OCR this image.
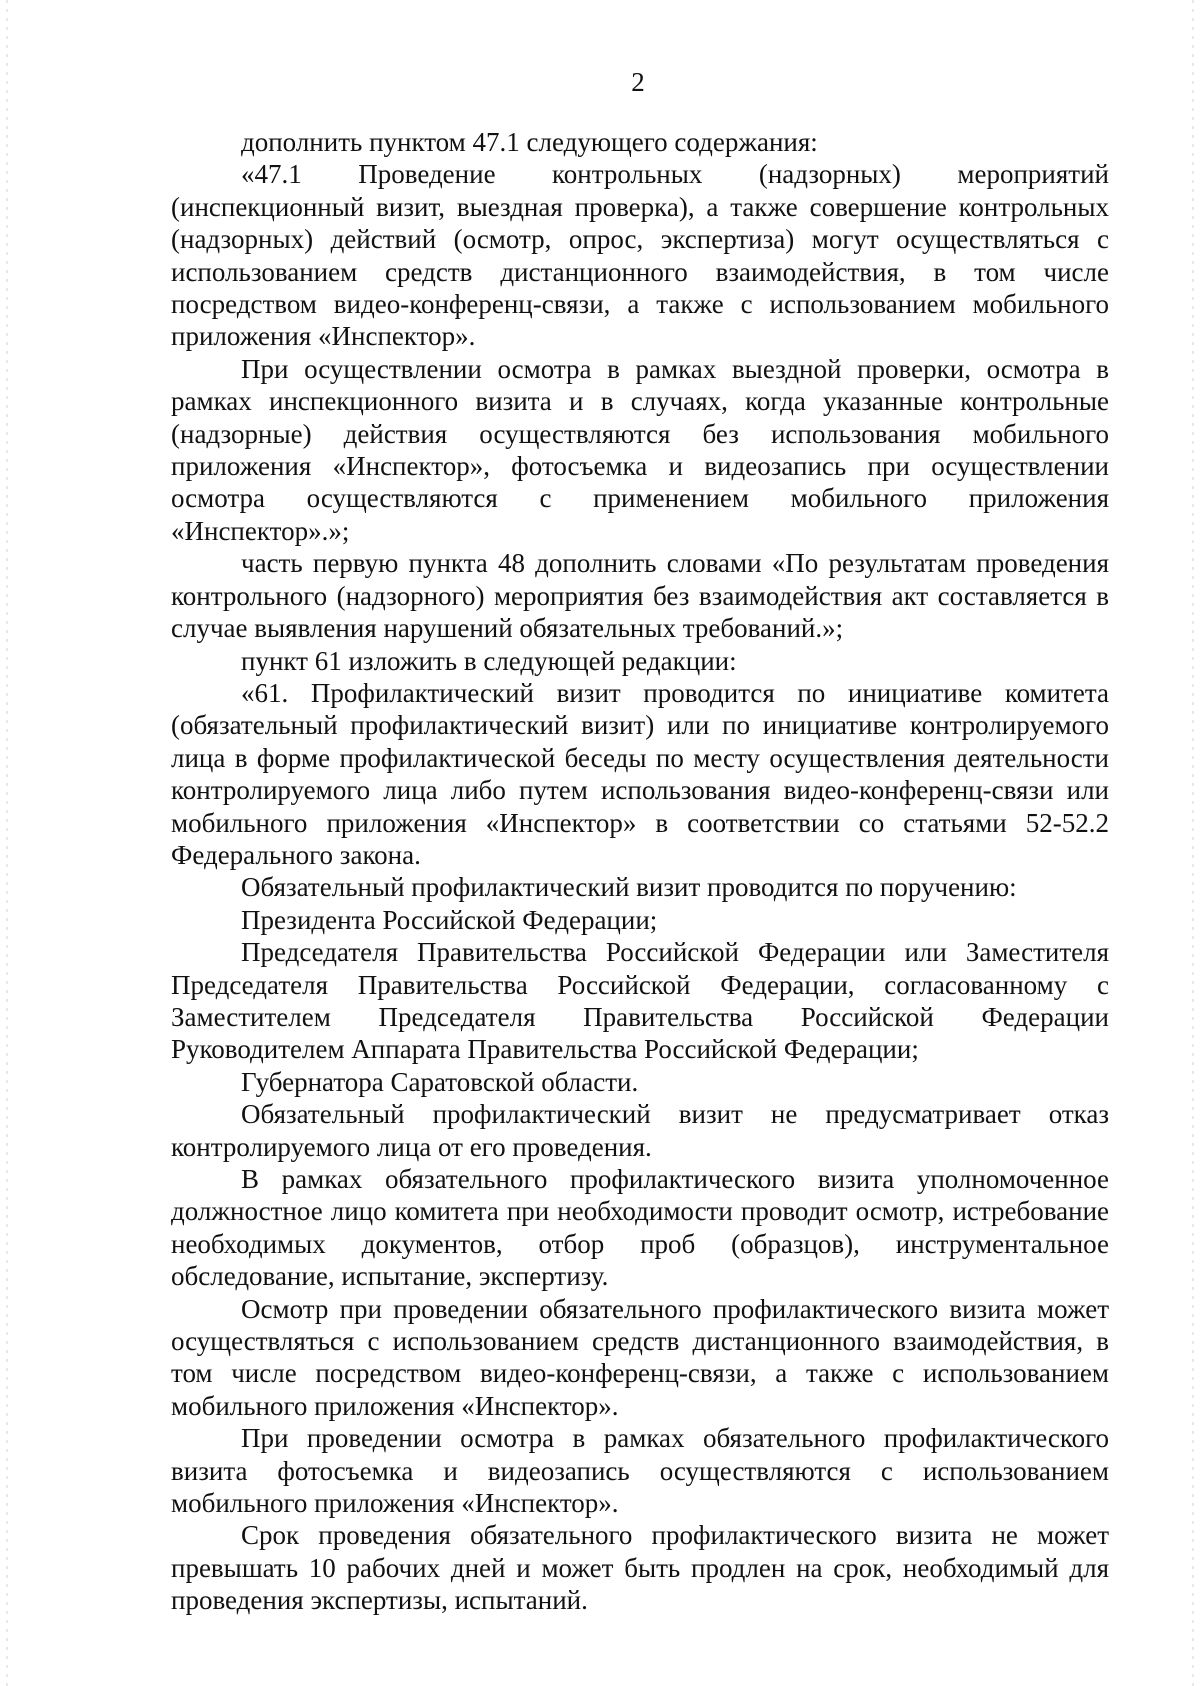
2

дополнить пунктом 47.1 следующего содержания:

«47.1 Проведение контрольных (надзорных) мероприятий (инспекционный визит, выездная проверка), а также совершение контрольных (надзорных) действий (осмотр, опрос, экспертиза) могут осуществляться с использованием средств дистанционного взаимодействия, в том числе посредством видео-конференц-связи, а также с использованием мобильного приложения «Инспектор».

При осуществлении осмотра в рамках выездной проверки, осмотра в рамках инспекционного визита и в случаях, когда указанные контрольные (надзорные) действия осуществляются без использования мобильного приложения «Инспектор», фотосъемка и видеозапись при осуществлении осмотра осуществляются с применением мобильного приложения «Инспектор».»;

часть первую пункта 48 дополнить словами «По результатам проведения контрольного (надзорного) мероприятия без взаимодействия акт составляется в случае выявления нарушений обязательных требований.»;

пункт 61 изложить в следующей редакции:

«61. Профилактический визит проводится по инициативе комитета (обязательный профилактический визит) или по инициативе контролируемого лица в форме профилактической беседы по месту осуществления деятельности контролируемого лица либо путем использования видео-конференц-связи или мобильного приложения «Инспектор» в соответствии со статьями 52-52.2 Федерального закона.

Обязательный профилактический визит проводится по поручению:

Президента Российской Федерации;

Председателя Правительства Российской Федерации или Заместителя Председателя Правительства Российской Федерации, согласованному с Заместителем Председателя Правительства Российской Федерации Руководителем Аппарата Правительства Российской Федерации;

Губернатора Саратовской области.

Обязательный профилактический визит не предусматривает отказ контролируемого лица от его проведения.

В рамках обязательного профилактического визита уполномоченное должностное лицо комитета при необходимости проводит осмотр, истребование необходимых документов, отбор проб (образцов), инструментальное обследование, испытание, экспертизу.

Осмотр при проведении обязательного профилактического визита может осуществляться с использованием средств дистанционного взаимодействия, в том числе посредством видео-конференц-связи, а также с использованием мобильного приложения «Инспектор».

При проведении осмотра в рамках обязательного профилактического визита фотосъемка и видеозапись осуществляются с использованием мобильного приложения «Инспектор».

Срок проведения обязательного профилактического визита не может превышать 10 рабочих дней и может быть продлен на срок, необходимый для проведения экспертизы, испытаний.
